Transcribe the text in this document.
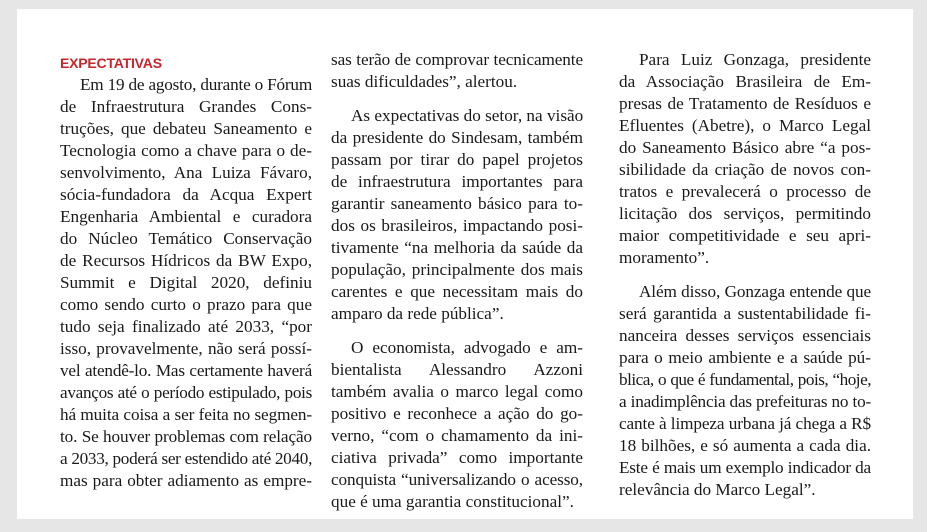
EXPECTATIVAS
Em 19 de agosto, durante o Fórum
de Infraestrutura Grandes Cons-
truções, que debateu Saneamento e
Tecnologia como a chave para o de-
senvolvimento, Ana Luiza Fávaro,
sócia-fundadora da Acqua Expert
Engenharia Ambiental e curadora
do Núcleo Temático Conservação
de Recursos Hídricos da BW Expo,
Summit e Digital 2020, definiu
como sendo curto o prazo para que
tudo seja finalizado até 2033, “por
isso, provavelmente, não será possí-
vel atendê-lo. Mas certamente haverá
avanços até o período estipulado, pois
há muita coisa a ser feita no segmen-
to. Se houver problemas com relação
a 2033, poderá ser estendido até 2040,
mas para obter adiamento as empre-
sas terão de comprovar tecnicamente
suas dificuldades”, alertou.
As expectativas do setor, na visão
da presidente do Sindesam, também
passam por tirar do papel projetos
de infraestrutura importantes para
garantir saneamento básico para to-
dos os brasileiros, impactando posi-
tivamente “na melhoria da saúde da
população, principalmente dos mais
carentes e que necessitam mais do
amparo da rede pública”.
O economista, advogado e am-
bientalista Alessandro Azzoni
também avalia o marco legal como
positivo e reconhece a ação do go-
verno, “com o chamamento da ini-
ciativa privada” como importante
conquista “universalizando o acesso,
que é uma garantia constitucional”.
Para Luiz Gonzaga, presidente
da Associação Brasileira de Em-
presas de Tratamento de Resíduos e
Efluentes (Abetre), o Marco Legal
do Saneamento Básico abre “a pos-
sibilidade da criação de novos con-
tratos e prevalecerá o processo de
licitação dos serviços, permitindo
maior competitividade e seu apri-
moramento”.
Além disso, Gonzaga entende que
será garantida a sustentabilidade fi-
nanceira desses serviços essenciais
para o meio ambiente e a saúde pú-
blica, o que é fundamental, pois, “hoje,
a inadimplência das prefeituras no to-
cante à limpeza urbana já chega a R$
18 bilhões, e só aumenta a cada dia.
Este é mais um exemplo indicador da
relevância do Marco Legal”.
